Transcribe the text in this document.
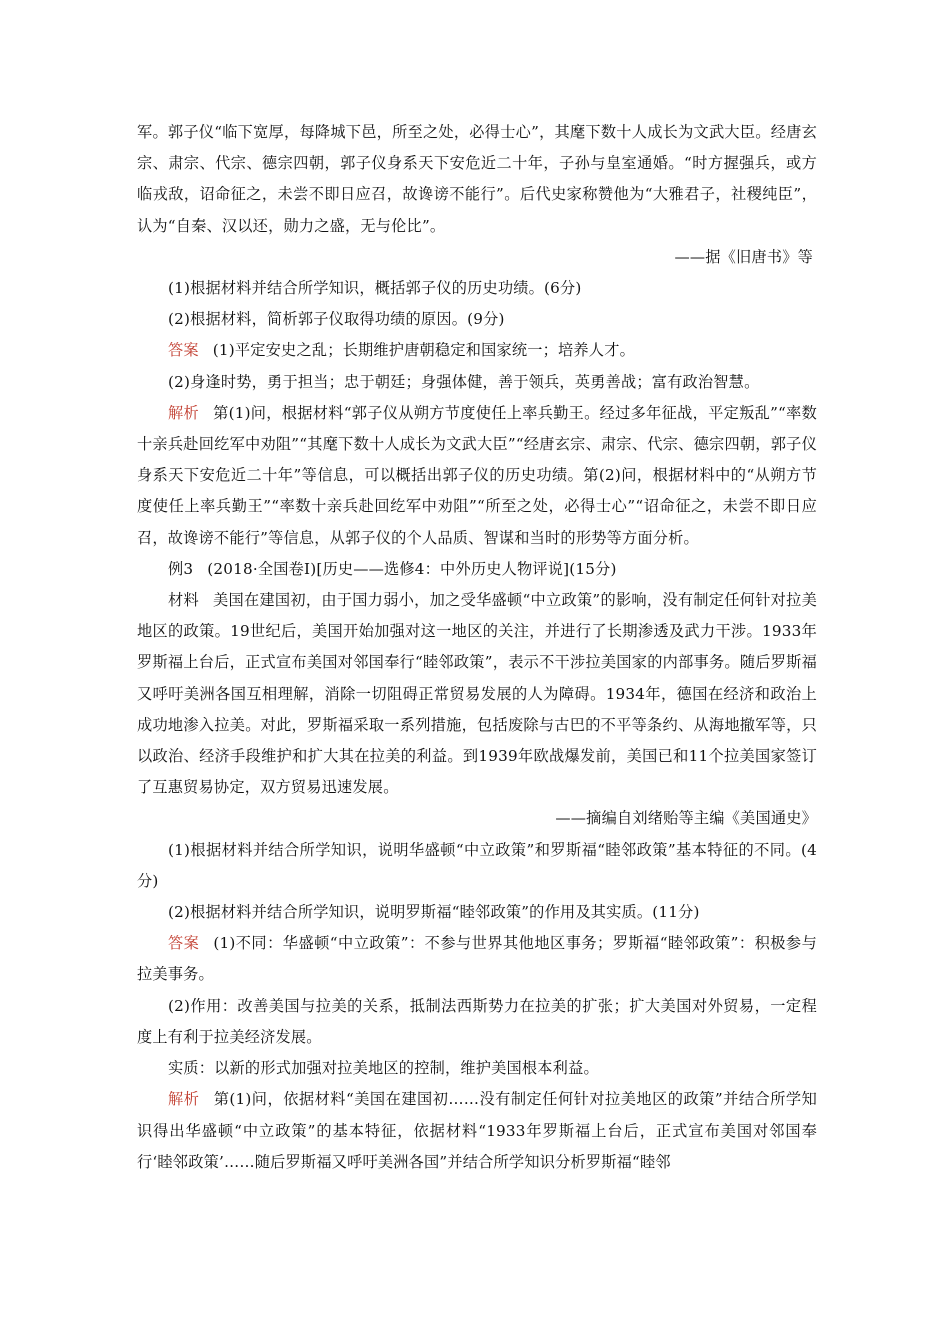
军。郭子仪“临下宽厚，每降城下邑，所至之处，必得士心”，其麾下数十人成长为文武大臣。经唐玄宗、肃宗、代宗、德宗四朝，郭子仪身系天下安危近二十年，子孙与皇室通婚。“时方握强兵，或方临戎敌，诏命征之，未尝不即日应召，故谗谤不能行”。后代史家称赞他为“大雅君子，社稷纯臣”，认为“自秦、汉以还，勋力之盛，无与伦比”。

——据《旧唐书》等

(1)根据材料并结合所学知识，概括郭子仪的历史功绩。(6分)

(2)根据材料，简析郭子仪取得功绩的原因。(9分)

答案 (1)平定安史之乱；长期维护唐朝稳定和国家统一；培养人才。

(2)身逢时势，勇于担当；忠于朝廷；身强体健，善于领兵，英勇善战；富有政治智慧。

解析 第(1)问，根据材料“郭子仪从朔方节度使任上率兵勤王。经过多年征战，平定叛乱”“率数十亲兵赴回纥军中劝阻”“其麾下数十人成长为文武大臣”“经唐玄宗、肃宗、代宗、德宗四朝，郭子仪身系天下安危近二十年”等信息，可以概括出郭子仪的历史功绩。第(2)问，根据材料中的“从朔方节度使任上率兵勤王”“率数十亲兵赴回纥军中劝阻”“所至之处，必得士心”“诏命征之，未尝不即日应召，故谗谤不能行”等信息，从郭子仪的个人品质、智谋和当时的形势等方面分析。

例3 (2018·全国卷Ⅰ)[历史——选修4：中外历史人物评说](15分)

材料 美国在建国初，由于国力弱小，加之受华盛顿“中立政策”的影响，没有制定任何针对拉美地区的政策。19世纪后，美国开始加强对这一地区的关注，并进行了长期渗透及武力干涉。1933年罗斯福上台后，正式宣布美国对邻国奉行“睦邻政策”，表示不干涉拉美国家的内部事务。随后罗斯福又呼吁美洲各国互相理解，消除一切阻碍正常贸易发展的人为障碍。1934年，德国在经济和政治上成功地渗入拉美。对此，罗斯福采取一系列措施，包括废除与古巴的不平等条约、从海地撤军等，只以政治、经济手段维护和扩大其在拉美的利益。到1939年欧战爆发前，美国已和11个拉美国家签订了互惠贸易协定，双方贸易迅速发展。

——摘编自刘绪贻等主编《美国通史》

(1)根据材料并结合所学知识，说明华盛顿“中立政策”和罗斯福“睦邻政策”基本特征的不同。(4分)

(2)根据材料并结合所学知识，说明罗斯福“睦邻政策”的作用及其实质。(11分)

答案 (1)不同：华盛顿“中立政策”：不参与世界其他地区事务；罗斯福“睦邻政策”：积极参与拉美事务。

(2)作用：改善美国与拉美的关系，抵制法西斯势力在拉美的扩张；扩大美国对外贸易，一定程度上有利于拉美经济发展。

实质：以新的形式加强对拉美地区的控制，维护美国根本利益。

解析 第(1)问，依据材料“美国在建国初……没有制定任何针对拉美地区的政策”并结合所学知识得出华盛顿“中立政策”的基本特征，依据材料“1933年罗斯福上台后，正式宣布美国对邻国奉行‘睦邻政策’……随后罗斯福又呼吁美洲各国”并结合所学知识分析罗斯福“睦邻
